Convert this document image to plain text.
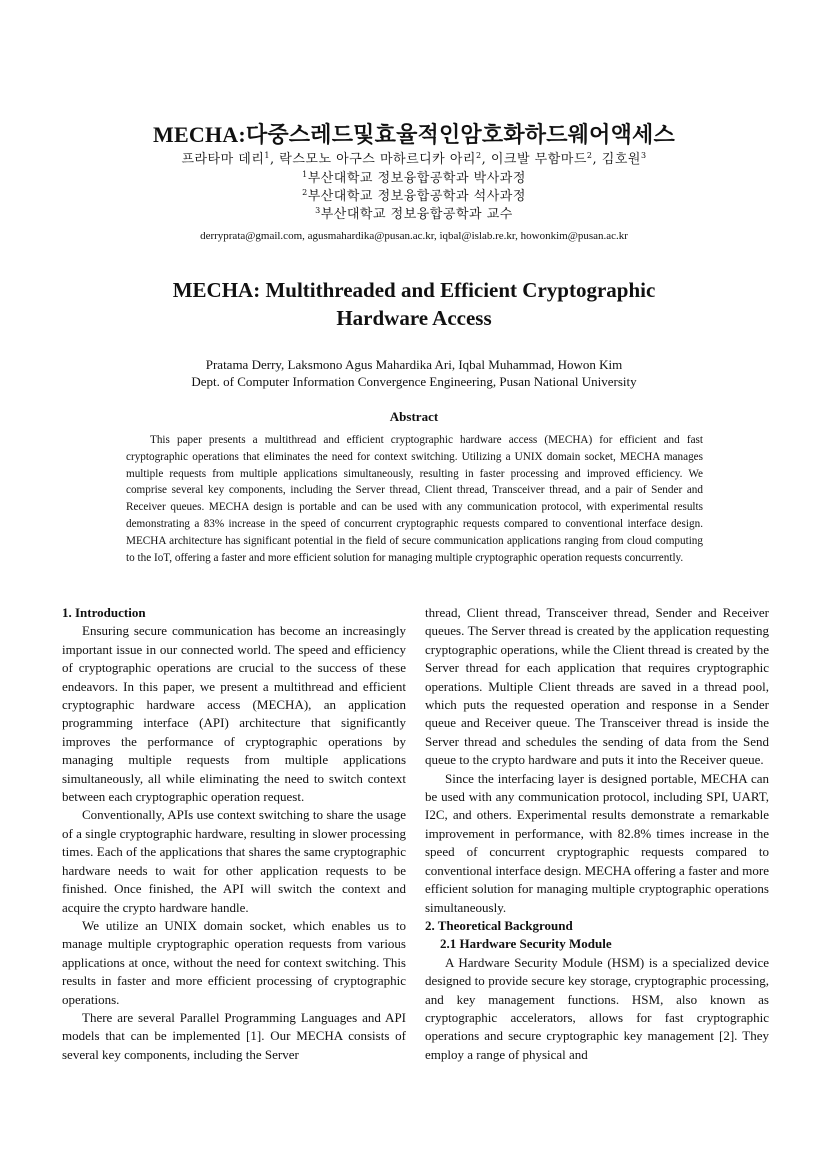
MECHA:다중스레드및효율적인암호화하드웨어액세스
프라타마 데리$^1$, 락스모노 아구스 마하르디카 아리$^2$, 이크발 무함마드$^2$, 김호원$^3$
$^1$부산대학교 정보융합공학과 박사과정
$^2$부산대학교 정보융합공학과 석사과정
$^3$부산대학교 정보융합공학과 교수
derryprata@gmail.com, agusmahardika@pusan.ac.kr, iqbal@islab.re.kr, howonkim@pusan.ac.kr
MECHA: Multithreaded and Efficient Cryptographic
Hardware Access
Pratama Derry, Laksmono Agus Mahardika Ari, Iqbal Muhammad, Howon Kim
Dept. of Computer Information Convergence Engineering, Pusan National University
Abstract

This paper presents a multithread and efficient cryptographic hardware access (MECHA) for efficient and fast cryptographic operations that eliminates the need for context switching. Utilizing a UNIX domain socket, MECHA manages multiple requests from multiple applications simultaneously, resulting in faster processing and improved efficiency. We comprise several key components, including the Server thread, Client thread, Transceiver thread, and a pair of Sender and Receiver queues. MECHA design is portable and can be used with any communication protocol, with experimental results demonstrating a 83% increase in the speed of concurrent cryptographic requests compared to conventional interface design. MECHA architecture has significant potential in the field of secure communication applications ranging from cloud computing to the IoT, offering a faster and more efficient solution for managing multiple cryptographic operation requests concurrently.

1. Introduction

Ensuring secure communication has become an increasingly important issue in our connected world. The speed and efficiency of cryptographic operations are crucial to the success of these endeavors. In this paper, we present a multithread and efficient cryptographic hardware access (MECHA), an application programming interface (API) architecture that significantly improves the performance of cryptographic operations by managing multiple requests from multiple applications simultaneously, all while eliminating the need to switch context between each cryptographic operation request.

Conventionally, APIs use context switching to share the usage of a single cryptographic hardware, resulting in slower processing times. Each of the applications that shares the same cryptographic hardware needs to wait for other application requests to be finished. Once finished, the API will switch the context and acquire the crypto hardware handle.

We utilize an UNIX domain socket, which enables us to manage multiple cryptographic operation requests from various applications at once, without the need for context switching. This results in faster and more efficient processing of cryptographic operations.

There are several Parallel Programming Languages and API models that can be implemented [1]. Our MECHA consists of several key components, including the Server

thread, Client thread, Transceiver thread, Sender and Receiver queues. The Server thread is created by the application requesting cryptographic operations, while the Client thread is created by the Server thread for each application that requires cryptographic operations. Multiple Client threads are saved in a thread pool, which puts the requested operation and response in a Sender queue and Receiver queue. The Transceiver thread is inside the Server thread and schedules the sending of data from the Send queue to the crypto hardware and puts it into the Receiver queue.

Since the interfacing layer is designed portable, MECHA can be used with any communication protocol, including SPI, UART, I2C, and others. Experimental results demonstrate a remarkable improvement in performance, with 82.8% times increase in the speed of concurrent cryptographic requests compared to conventional interface design. MECHA offering a faster and more efficient solution for managing multiple cryptographic operations simultaneously.

2. Theoretical Background
2.1 Hardware Security Module

A Hardware Security Module (HSM) is a specialized device designed to provide secure key storage, cryptographic processing, and key management functions. HSM, also known as cryptographic accelerators, allows for fast cryptographic operations and secure cryptographic key management [2]. They employ a range of physical and
